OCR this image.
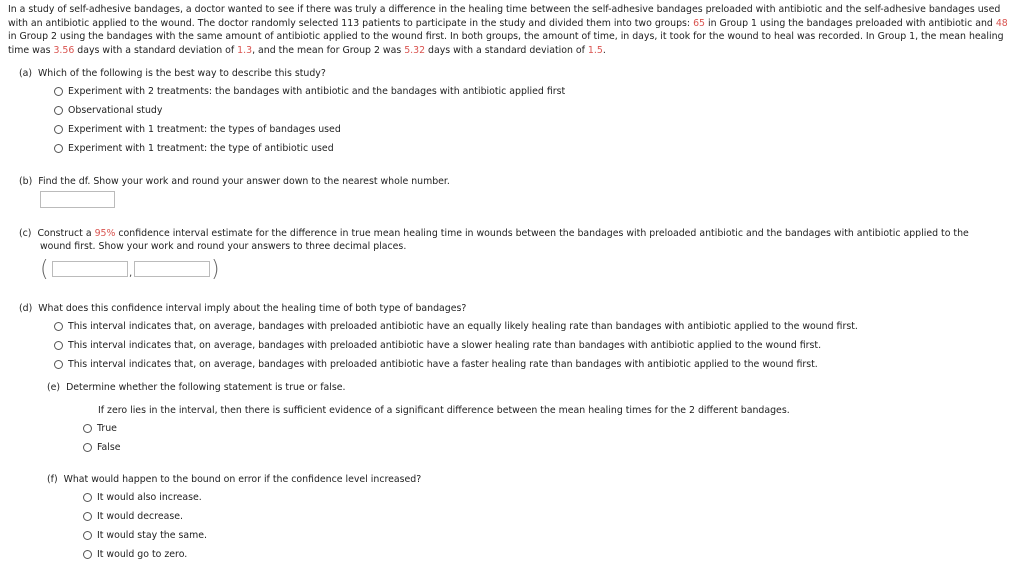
In a study of self-adhesive bandages, a doctor wanted to see if there was truly a difference in the healing time between the self-adhesive bandages preloaded with antibiotic and the self-adhesive bandages used with an antibiotic applied to the wound. The doctor randomly selected 113 patients to participate in the study and divided them into two groups: 65 in Group 1 using the bandages preloaded with antibiotic and 48 in Group 2 using the bandages with the same amount of antibiotic applied to the wound first. In both groups, the amount of time, in days, it took for the wound to heal was recorded. In Group 1, the mean healing time was 3.56 days with a standard deviation of 1.3, and the mean for Group 2 was 5.32 days with a standard deviation of 1.5.
(a) Which of the following is the best way to describe this study?
Experiment with 2 treatments: the bandages with antibiotic and the bandages with antibiotic applied first
Observational study
Experiment with 1 treatment: the types of bandages used
Experiment with 1 treatment: the type of antibiotic used
(b) Find the df. Show your work and round your answer down to the nearest whole number.
(c) Construct a 95% confidence interval estimate for the difference in true mean healing time in wounds between the bandages with preloaded antibiotic and the bandages with antibiotic applied to the
wound first. Show your work and round your answers to three decimal places.
(	,	)
(d) What does this confidence interval imply about the healing time of both type of bandages?
This interval indicates that, on average, bandages with preloaded antibiotic have an equally likely healing rate than bandages with antibiotic applied to the wound first.
This interval indicates that, on average, bandages with preloaded antibiotic have a slower healing rate than bandages with antibiotic applied to the wound first.
This interval indicates that, on average, bandages with preloaded antibiotic have a faster healing rate than bandages with antibiotic applied to the wound first.
(e) Determine whether the following statement is true or false.
If zero lies in the interval, then there is sufficient evidence of a significant difference between the mean healing times for the 2 different bandages.
True
False
(f) What would happen to the bound on error if the confidence level increased?
It would also increase.
It would decrease.
It would stay the same.
It would go to zero.
